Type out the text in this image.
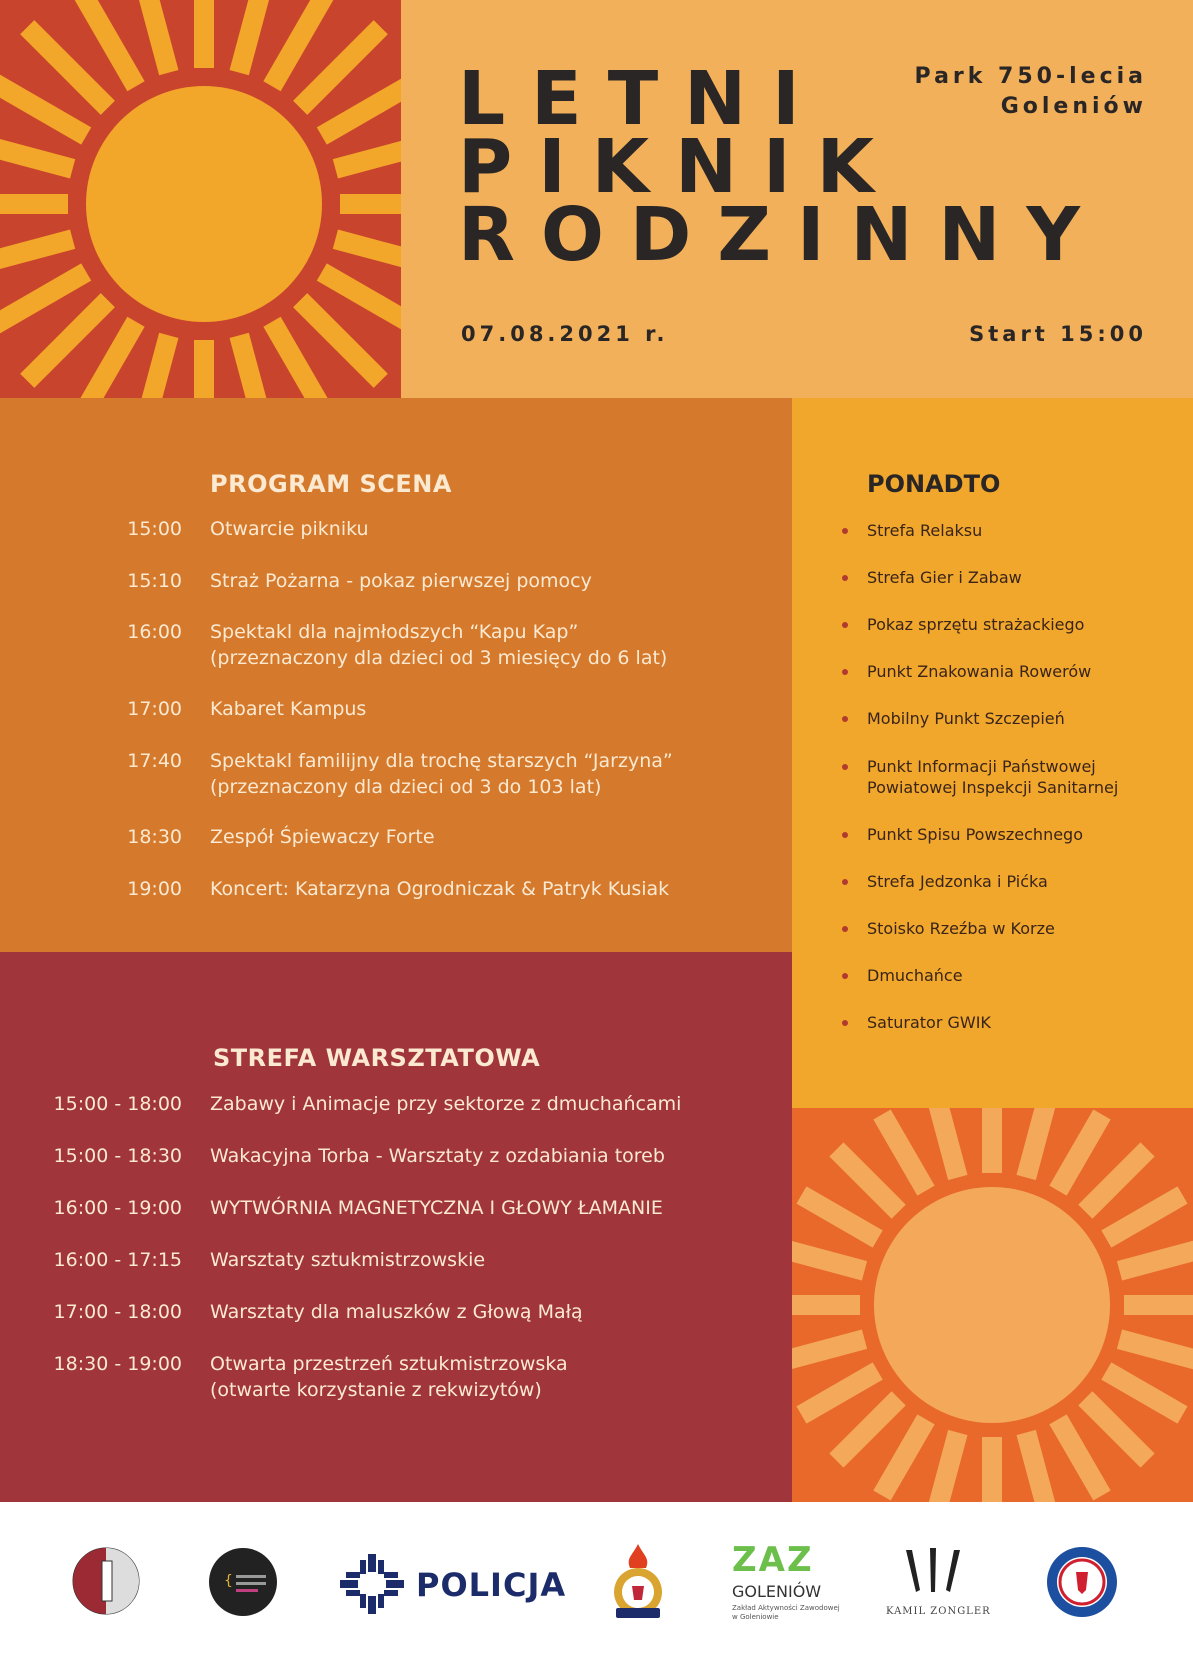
LETNI
PIKNIK
RODZINNY
Park 750-lecia
Goleniów
07.08.2021 r.	Start 15:00
PROGRAM SCENA
15:00 Otwarcie pikniku
15:10 Straż Pożarna - pokaz pierwszej pomocy
16:00 Spektakl dla najmłodszych “Kapu Kap”
(przeznaczony dla dzieci od 3 miesięcy do 6 lat)
17:00 Kabaret Kampus
17:40 Spektakl familijny dla trochę starszych “Jarzyna”
(przeznaczony dla dzieci od 3 do 103 lat)
18:30 Zespół Śpiewaczy Forte
19:00 Koncert: Katarzyna Ogrodniczak & Patryk Kusiak
STREFA WARSZTATOWA
15:00 - 18:00 Zabawy i Animacje przy sektorze z dmuchańcami
15:00 - 18:30 Wakacyjna Torba - Warsztaty z ozdabiania toreb
16:00 - 19:00 WYTWÓRNIA MAGNETYCZNA I GŁOWY ŁAMANIE
16:00 - 17:15 Warsztaty sztukmistrzowskie
17:00 - 18:00 Warsztaty dla maluszków z Głową Małą
18:30 - 19:00 Otwarta przestrzeń sztukmistrzowska
(otwarte korzystanie z rekwizytów)
PONADTO
Strefa Relaksu
Strefa Gier i Zabaw
Pokaz sprzętu strażackiego
Punkt Znakowania Rowerów
Mobilny Punkt Szczepień
Punkt Informacji Państwowej
Powiatowej Inspekcji Sanitarnej
Punkt Spisu Powszechnego
Strefa Jedzonka i Pićka
Stoisko Rzeźba w Korze
Dmuchańce
Saturator GWIK
{	POLICJA
ZAZ
GOLENIÓW
Zakład Aktywności Zawodowej
w Goleniowie	KAMIL ZONGLER
